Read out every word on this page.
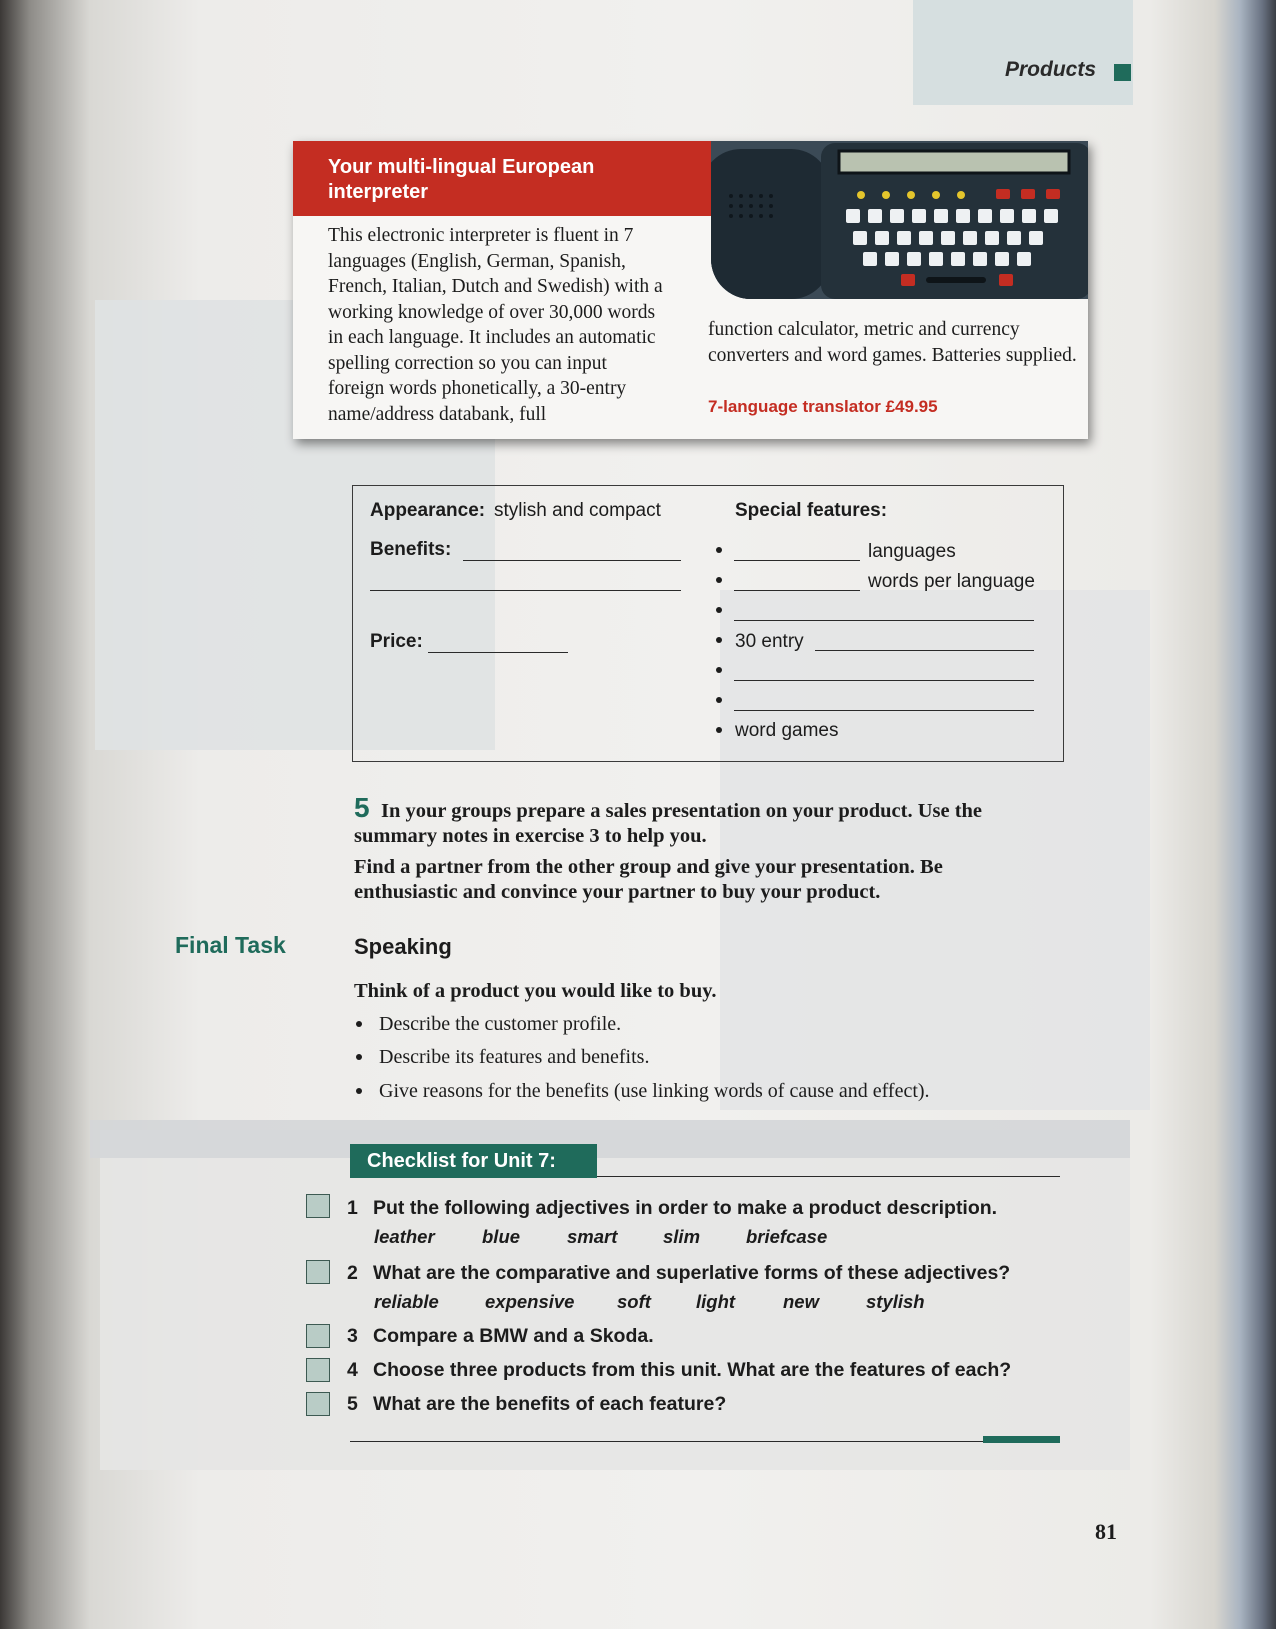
Products
Your multi-lingual European interpreter
This electronic interpreter is fluent in 7 languages (English, German, Spanish, French, Italian, Dutch and Swedish) with a working knowledge of over 30,000 words in each language. It includes an automatic spelling correction so you can input foreign words phonetically, a 30-entry name/address databank, full
function calculator, metric and currency converters and word games. Batteries supplied.
7-language translator £49.95
Appearance: stylish and compact
Benefits:
Price:
Special features:
languages
words per language
30 entry
word games
5 In your groups prepare a sales presentation on your product. Use the
summary notes in exercise 3 to help you.
Find a partner from the other group and give your presentation. Be
enthusiastic and convince your partner to buy your product.
Final Task	Speaking
Think of a product you would like to buy.
Describe the customer profile.
Describe its features and benefits.
Give reasons for the benefits (use linking words of cause and effect).
Checklist for Unit 7:
1 Put the following adjectives in order to make a product description.
leather	blue	smart slim briefcase
2 What are the comparative and superlative forms of these adjectives?
reliable expensive soft light	new	stylish
3 Compare a BMW and a Skoda.
4 Choose three products from this unit. What are the features of each?
5 What are the benefits of each feature?
81
